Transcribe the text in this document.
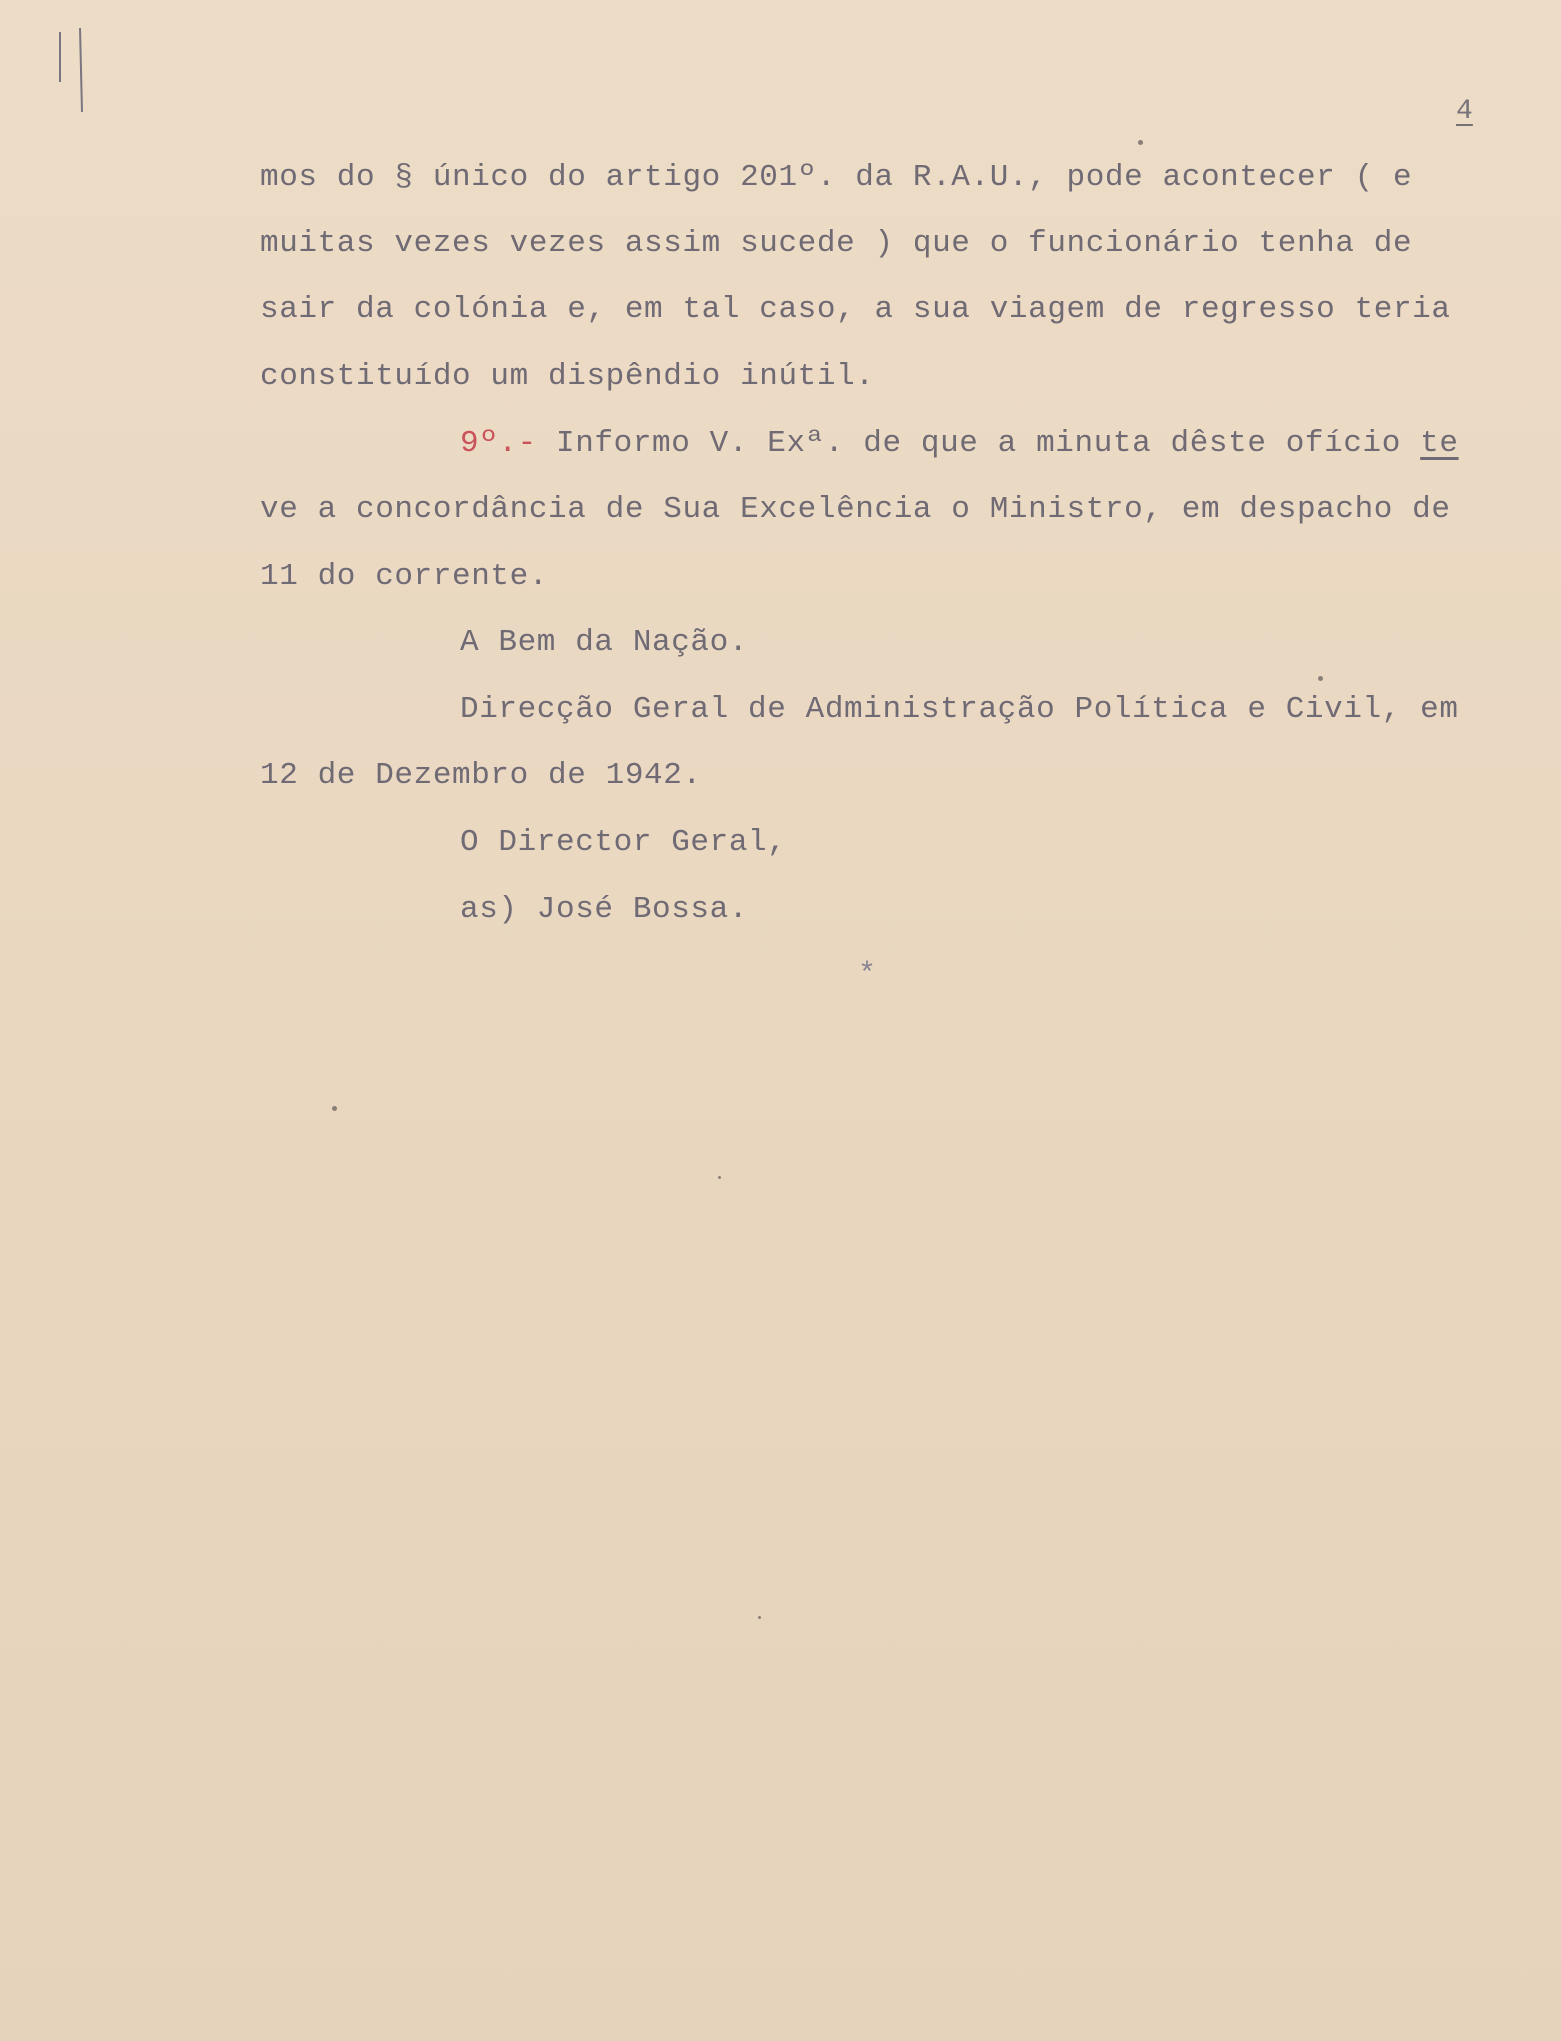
4
mos do § único do artigo 201º. da R.A.U., pode acontecer ( e
muitas vezes vezes assim sucede ) que o funcionário tenha de
sair da colónia e, em tal caso, a sua viagem de regresso teria
constituído um dispêndio inútil.
9º.- Informo V. Exª. de que a minuta dêste ofício te
ve a concordância de Sua Excelência o Ministro, em despacho de
11 do corrente.
A Bem da Nação.
Direcção Geral de Administração Política e Civil, em
12 de Dezembro de 1942.
O Director Geral,
as) José Bossa.
*
